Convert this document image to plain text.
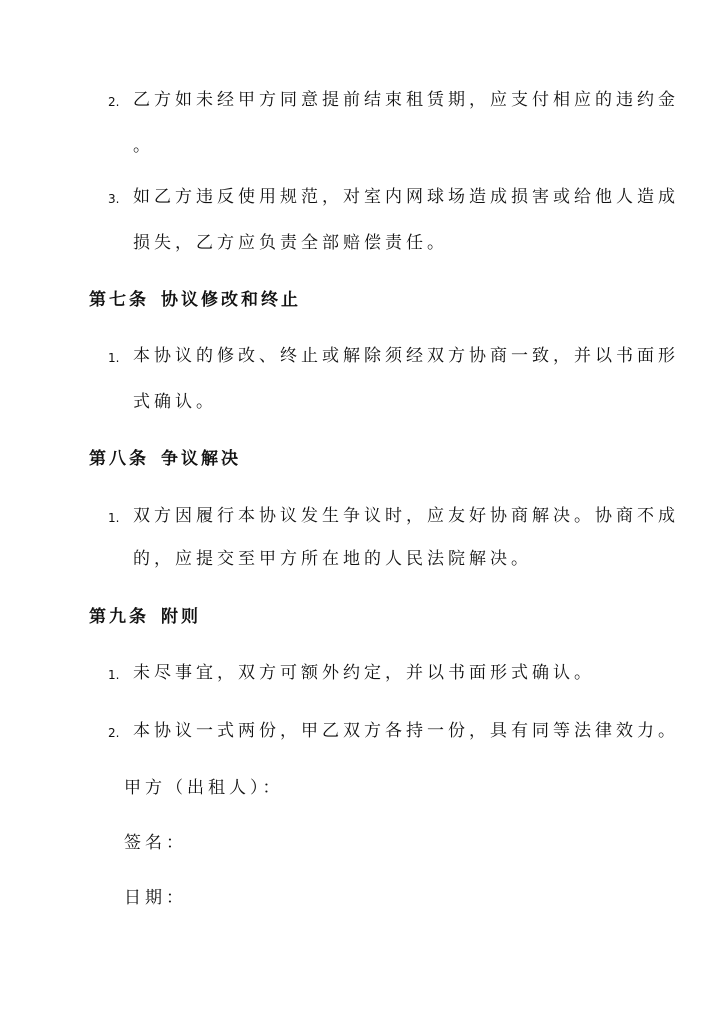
2. 乙方如未经甲方同意提前结束租赁期，应支付相应的违约金
。
3. 如乙方违反使用规范，对室内网球场造成损害或给他人造成
损失，乙方应负责全部赔偿责任。
第七条 协议修改和终止
1. 本协议的修改、终止或解除须经双方协商一致，并以书面形
式确认。
第八条 争议解决
1. 双方因履行本协议发生争议时，应友好协商解决。协商不成
的，应提交至甲方所在地的人民法院解决。
第九条 附则
1. 未尽事宜，双方可额外约定，并以书面形式确认。
2. 本协议一式两份，甲乙双方各持一份，具有同等法律效力。
甲方（出租人）：
签名：
日期：
